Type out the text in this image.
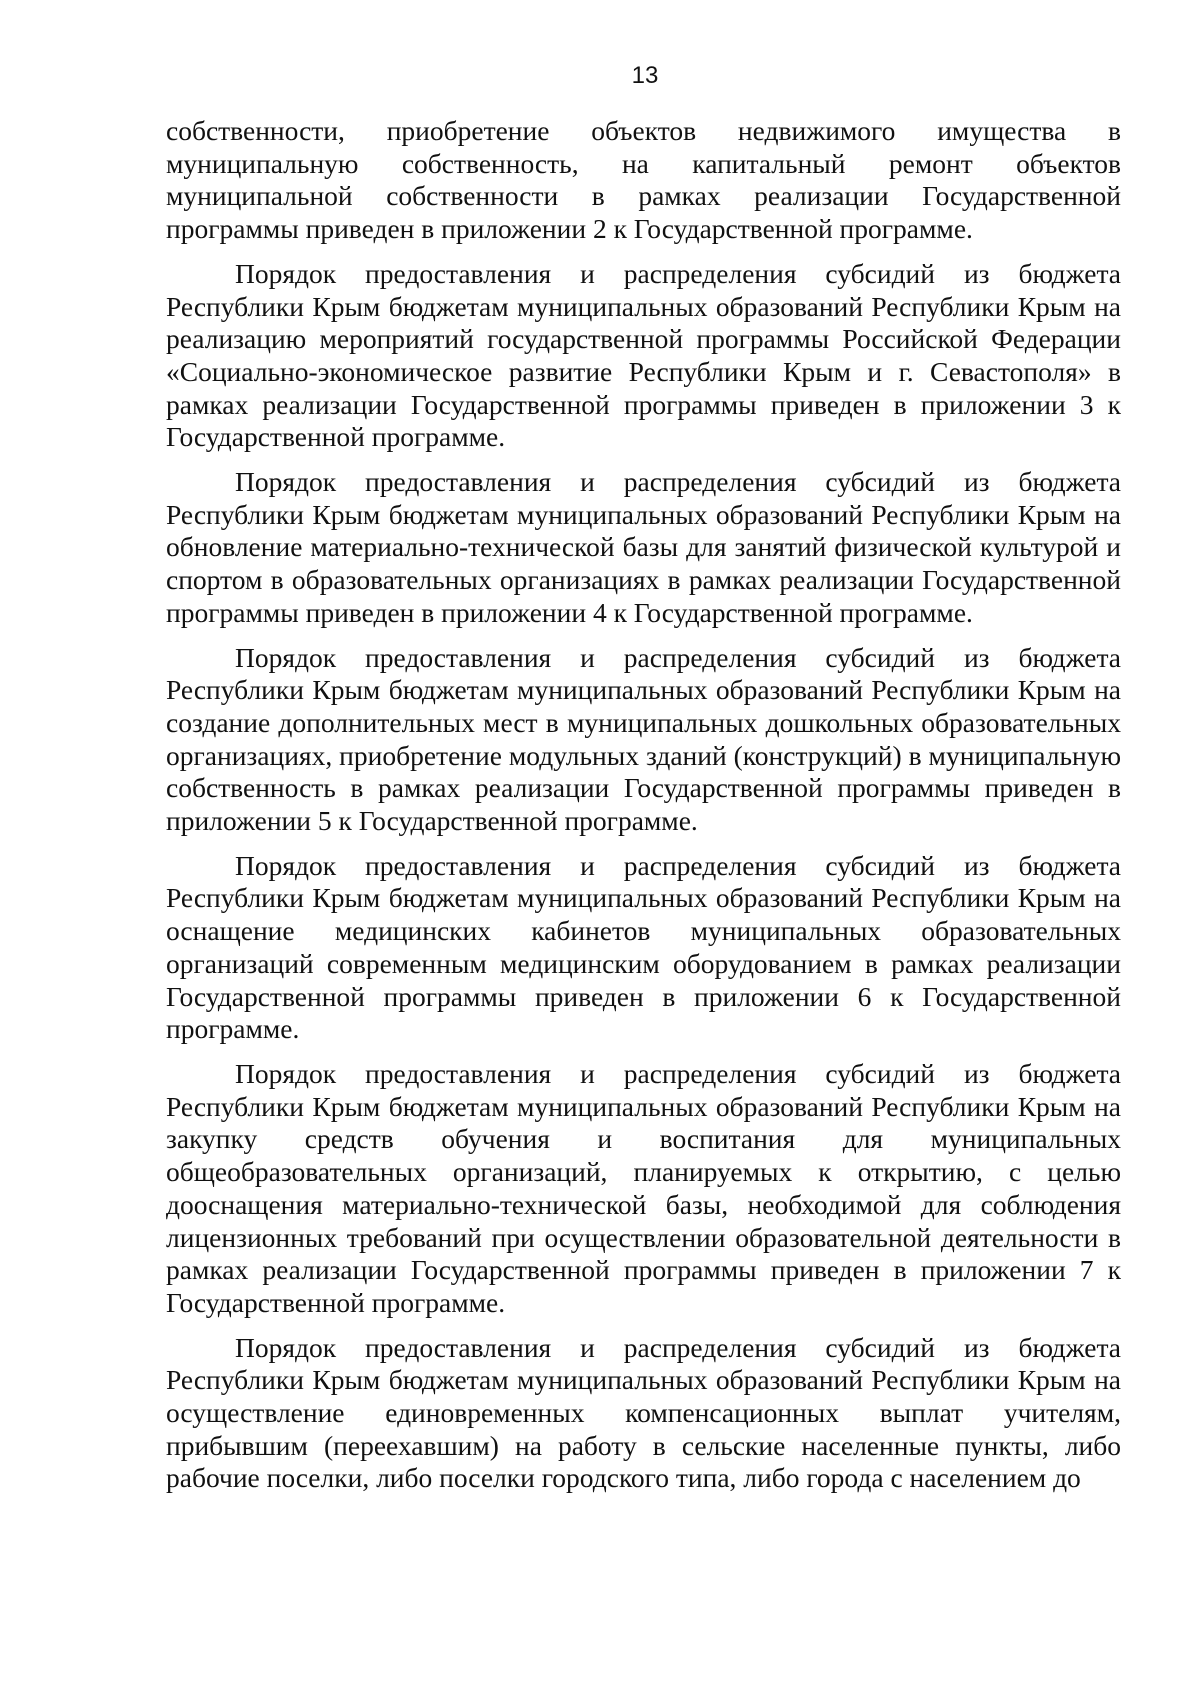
13

собственности, приобретение объектов недвижимого имущества в муниципальную собственность, на капитальный ремонт объектов муниципальной собственности в рамках реализации Государственной программы приведен в приложении 2 к Государственной программе.

Порядок предоставления и распределения субсидий из бюджета Республики Крым бюджетам муниципальных образований Республики Крым на реализацию мероприятий государственной программы Российской Федерации «Социально-экономическое развитие Республики Крым и г. Севастополя» в рамках реализации Государственной программы приведен в приложении 3 к Государственной программе.

Порядок предоставления и распределения субсидий из бюджета Республики Крым бюджетам муниципальных образований Республики Крым на обновление материально-технической базы для занятий физической культурой и спортом в образовательных организациях в рамках реализации Государственной программы приведен в приложении 4 к Государственной программе.

Порядок предоставления и распределения субсидий из бюджета Республики Крым бюджетам муниципальных образований Республики Крым на создание дополнительных мест в муниципальных дошкольных образовательных организациях, приобретение модульных зданий (конструкций) в муниципальную собственность в рамках реализации Государственной программы приведен в приложении 5 к Государственной программе.

Порядок предоставления и распределения субсидий из бюджета Республики Крым бюджетам муниципальных образований Республики Крым на оснащение медицинских кабинетов муниципальных образовательных организаций современным медицинским оборудованием в рамках реализации Государственной программы приведен в приложении 6 к Государственной программе.

Порядок предоставления и распределения субсидий из бюджета Республики Крым бюджетам муниципальных образований Республики Крым на закупку средств обучения и воспитания для муниципальных общеобразовательных организаций, планируемых к открытию, с целью дооснащения материально-технической базы, необходимой для соблюдения лицензионных требований при осуществлении образовательной деятельности в рамках реализации Государственной программы приведен в приложении 7 к Государственной программе.

Порядок предоставления и распределения субсидий из бюджета Республики Крым бюджетам муниципальных образований Республики Крым на осуществление единовременных компенсационных выплат учителям, прибывшим (переехавшим) на работу в сельские населенные пункты, либо рабочие поселки, либо поселки городского типа, либо города с населением до
